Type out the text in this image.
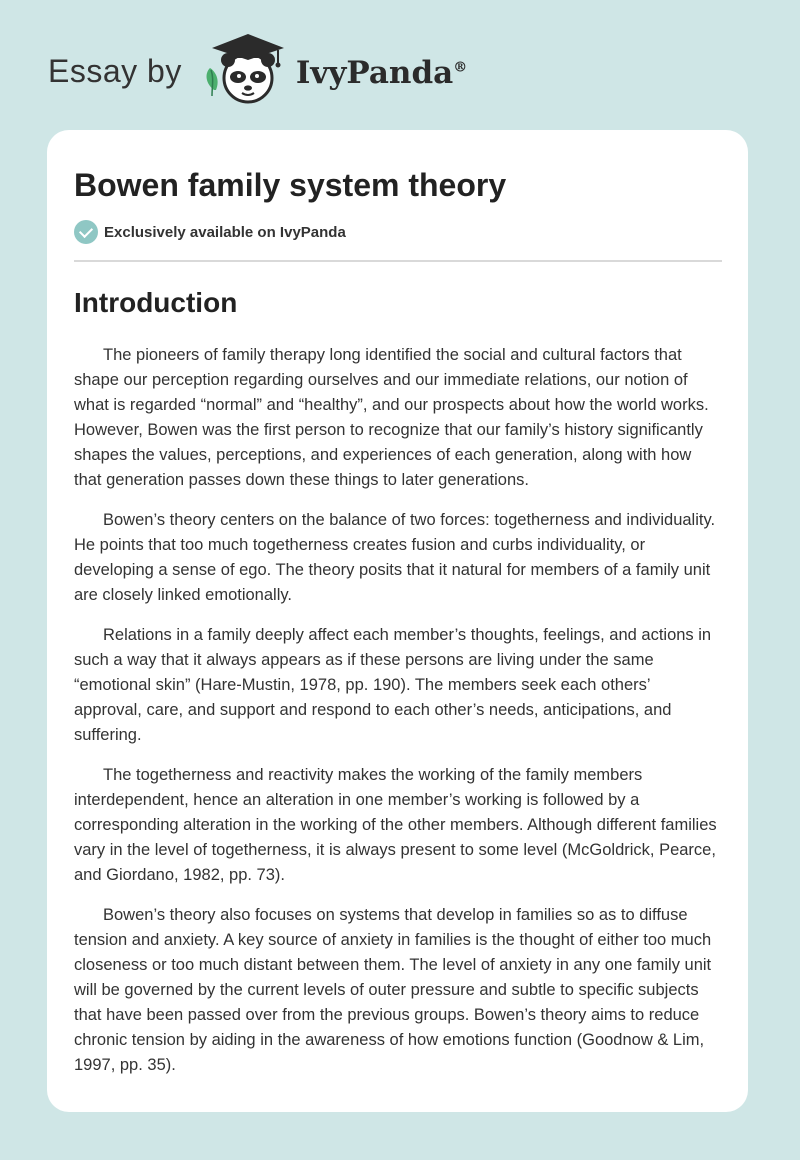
Essay by	IvyPanda®
Bowen family system theory
Exclusively available on IvyPanda
Introduction

The pioneers of family therapy long identified the social and cultural factors that shape our perception regarding ourselves and our immediate relations, our notion of what is regarded “normal” and “healthy”, and our prospects about how the world works. However, Bowen was the first person to recognize that our family’s history significantly shapes the values, perceptions, and experiences of each generation, along with how that generation passes down these things to later generations.

Bowen’s theory centers on the balance of two forces: togetherness and individuality. He points that too much togetherness creates fusion and curbs individuality, or developing a sense of ego. The theory posits that it natural for members of a family unit are closely linked emotionally.

Relations in a family deeply affect each member’s thoughts, feelings, and actions in such a way that it always appears as if these persons are living under the same “emotional skin” (Hare-Mustin, 1978, pp. 190). The members seek each others’ approval, care, and support and respond to each other’s needs, anticipations, and suffering.

The togetherness and reactivity makes the working of the family members interdependent, hence an alteration in one member’s working is followed by a corresponding alteration in the working of the other members. Although different families vary in the level of togetherness, it is always present to some level (McGoldrick, Pearce, and Giordano, 1982, pp. 73).

Bowen’s theory also focuses on systems that develop in families so as to diffuse tension and anxiety. A key source of anxiety in families is the thought of either too much closeness or too much distant between them. The level of anxiety in any one family unit will be governed by the current levels of outer pressure and subtle to specific subjects that have been passed over from the previous groups. Bowen’s theory aims to reduce chronic tension by aiding in the awareness of how emotions function (Goodnow & Lim, 1997, pp. 35).
